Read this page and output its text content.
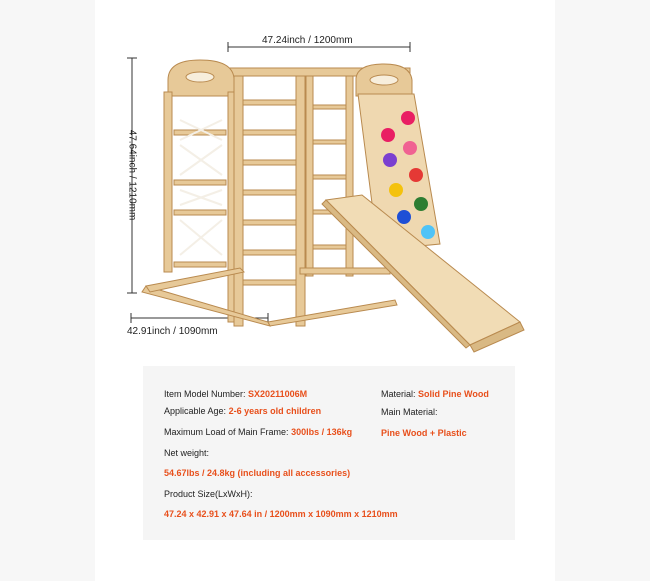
47.24inch / 1200mm
47.64inch / 1210mm
42.91inch / 1090mm
Item Model Number: SX20211006M
Applicable Age: 2-6 years old children
Maximum Load of Main Frame: 300lbs / 136kg
Net weight:
54.67lbs / 24.8kg (including all accessories)
Product Size(LxWxH):
47.24 x 42.91 x 47.64 in / 1200mm x 1090mm x 1210mm
Material: Solid Pine Wood
Main Material:
Pine Wood + Plastic
